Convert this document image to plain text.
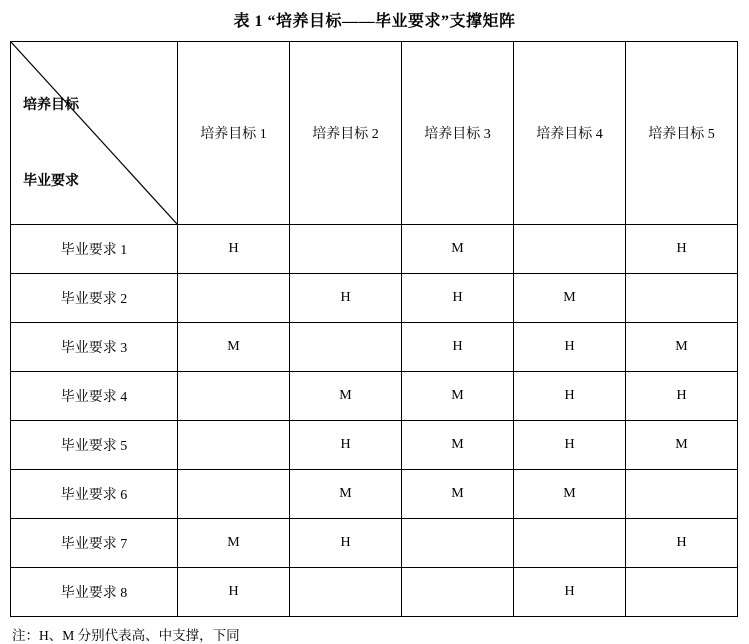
表 1 “培养目标——毕业要求”支撑矩阵
培养目标
毕业要求	培养目标 1	培养目标 2	培养目标 3	培养目标 4	培养目标 5
毕业要求 1	H		M		H
毕业要求 2		H	H	M	
毕业要求 3	M		H	H	M
毕业要求 4		M	M	H	H
毕业要求 5		H	M	H	M
毕业要求 6		M	M	M	
毕业要求 7	M	H			H
毕业要求 8	H			H	
注：H、M 分别代表高、中支撑，下同
